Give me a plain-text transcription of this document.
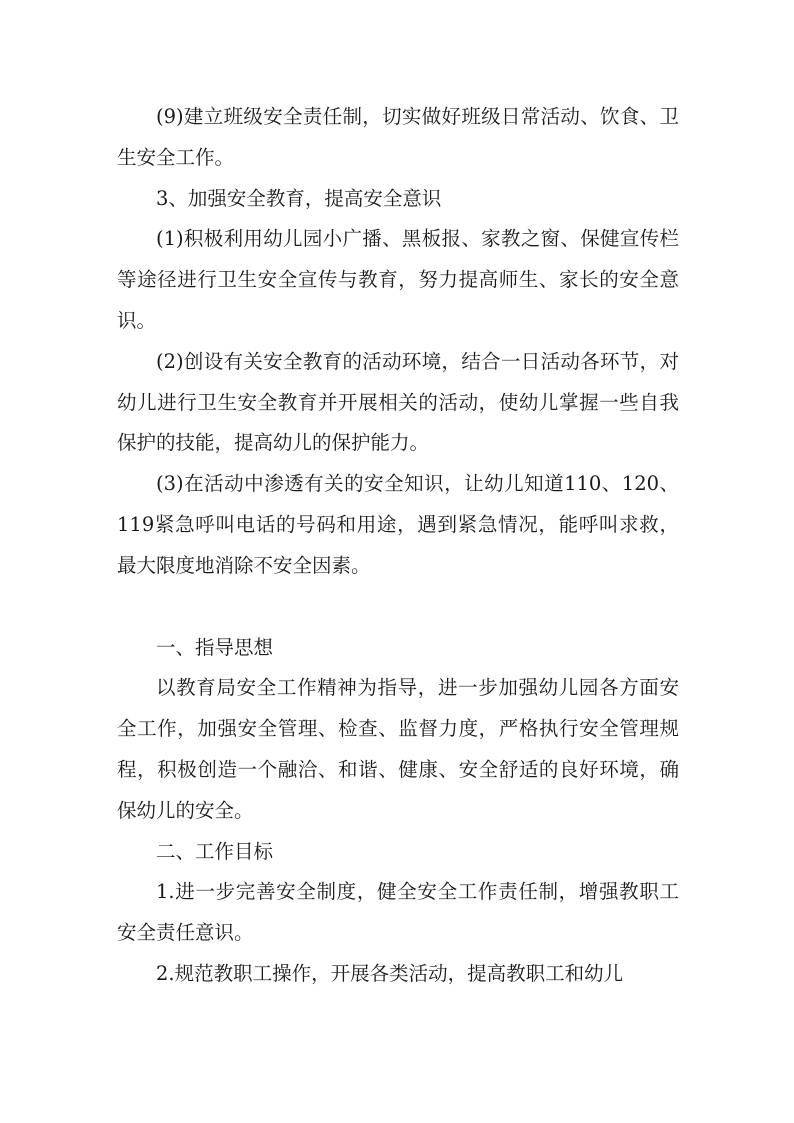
(9)建立班级安全责任制，切实做好班级日常活动、饮食、卫生安全工作。

3、加强安全教育，提高安全意识

(1)积极利用幼儿园小广播、黑板报、家教之窗、保健宣传栏等途径进行卫生安全宣传与教育，努力提高师生、家长的安全意识。

(2)创设有关安全教育的活动环境，结合一日活动各环节，对幼儿进行卫生安全教育并开展相关的活动，使幼儿掌握一些自我保护的技能，提高幼儿的保护能力。

(3)在活动中渗透有关的安全知识，让幼儿知道110、120、119紧急呼叫电话的号码和用途，遇到紧急情况，能呼叫求救，最大限度地消除不安全因素。

一、指导思想

以教育局安全工作精神为指导，进一步加强幼儿园各方面安全工作，加强安全管理、检查、监督力度，严格执行安全管理规程，积极创造一个融洽、和谐、健康、安全舒适的良好环境，确保幼儿的安全。

二、工作目标

1.进一步完善安全制度，健全安全工作责任制，增强教职工安全责任意识。

2.规范教职工操作，开展各类活动，提高教职工和幼儿
